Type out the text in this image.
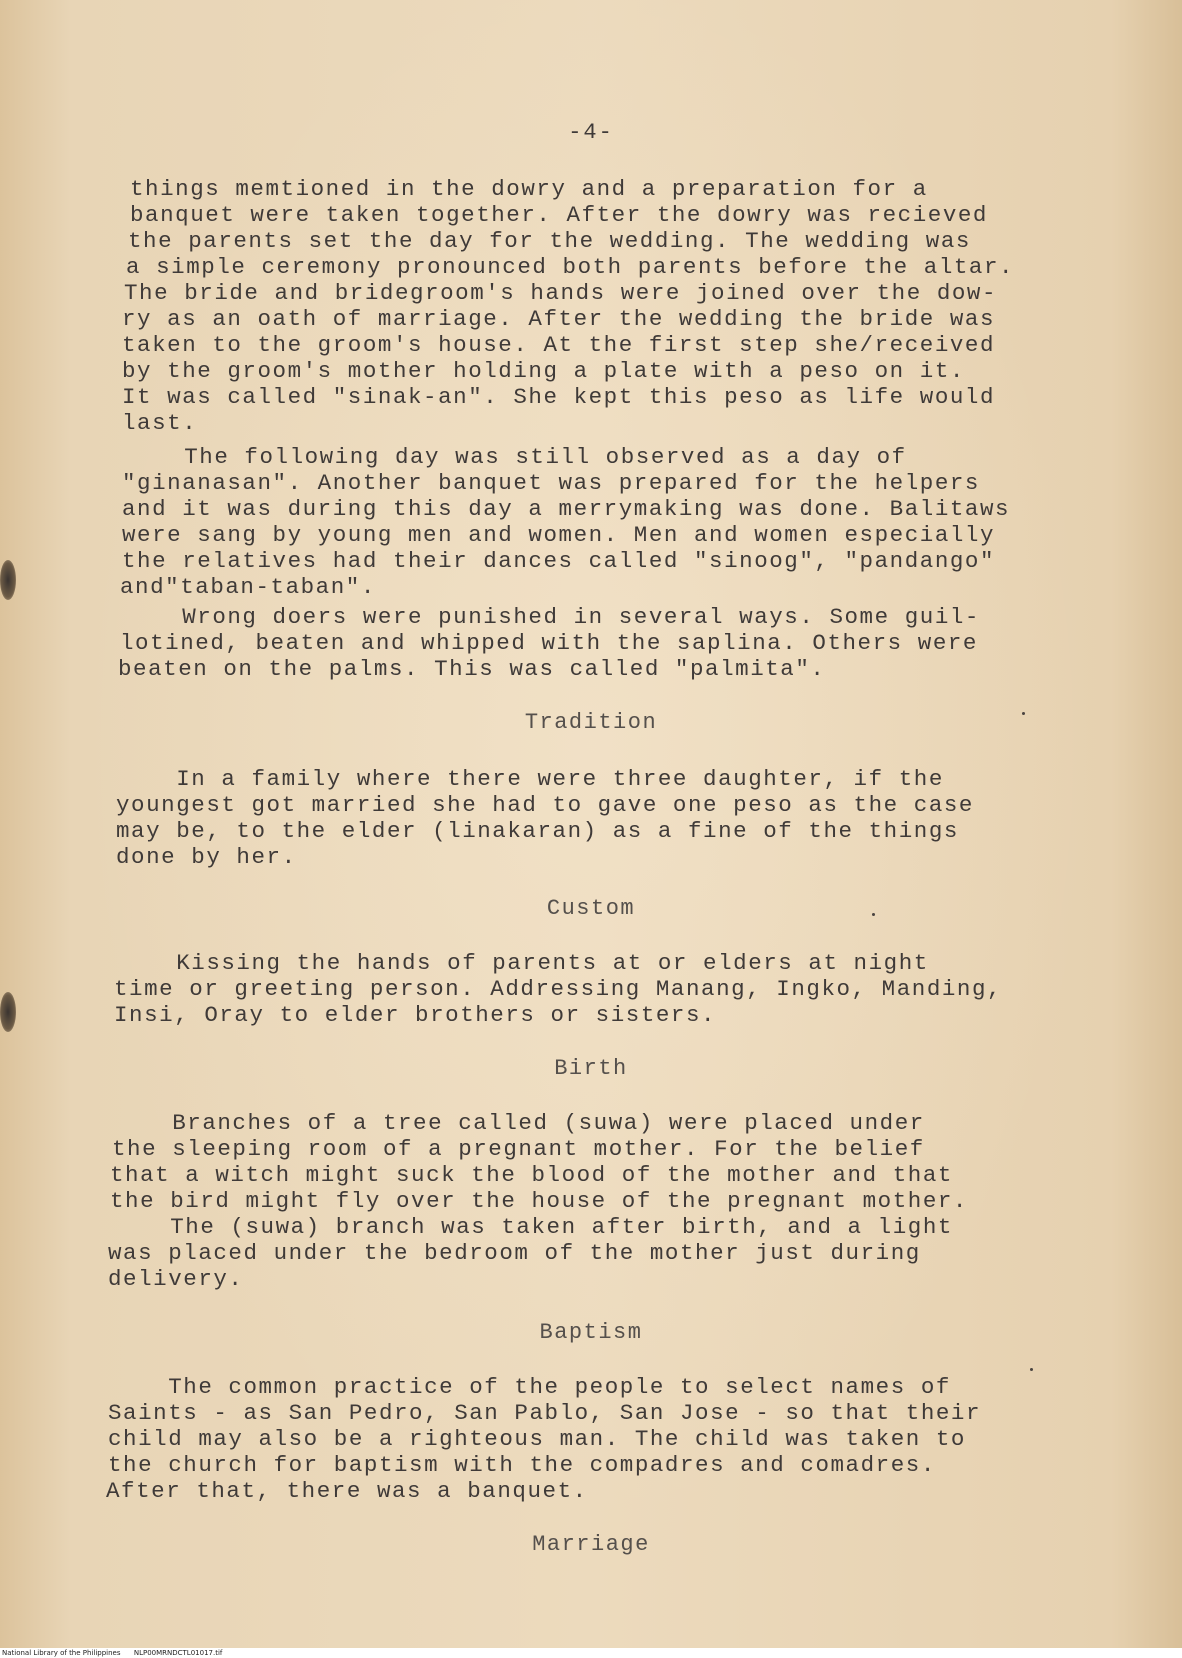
-4-
things memtioned in the dowry and a preparation for a
banquet were taken together. After the dowry was recieved
the parents set the day for the wedding. The wedding was
a simple ceremony pronounced both parents before the altar.
The bride and bridegroom's hands were joined over the dow-
ry as an oath of marriage. After the wedding the bride was
taken to the groom's house. At the first step she/received
by the groom's mother holding a plate with a peso on it.
It was called "sinak-an". She kept this peso as life would
last.
The following day was still observed as a day of
"ginanasan". Another banquet was prepared for the helpers
and it was during this day a merrymaking was done. Balitaws
were sang by young men and women. Men and women especially
the relatives had their dances called "sinoog", "pandango"
and"taban-taban".
Wrong doers were punished in several ways. Some guil-
lotined, beaten and whipped with the saplina. Others were
beaten on the palms. This was called "palmita".
Tradition
In a family where there were three daughter, if the
youngest got married she had to gave one peso as the case
may be, to the elder (linakaran) as a fine of the things
done by her.
Custom
Kissing the hands of parents at or elders at night
time or greeting person. Addressing Manang, Ingko, Manding,
Insi, Oray to elder brothers or sisters.
Birth
Branches of a tree called (suwa) were placed under
the sleeping room of a pregnant mother. For the belief
that a witch might suck the blood of the mother and that
the bird might fly over the house of the pregnant mother.
The (suwa) branch was taken after birth, and a light
was placed under the bedroom of the mother just during
delivery.
Baptism
The common practice of the people to select names of
Saints - as San Pedro, San Pablo, San Jose - so that their
child may also be a righteous man. The child was taken to
the church for baptism with the compadres and comadres.
After that, there was a banquet.
Marriage
National Library of the Philippines      NLP00MRNDCTL01017.tif
